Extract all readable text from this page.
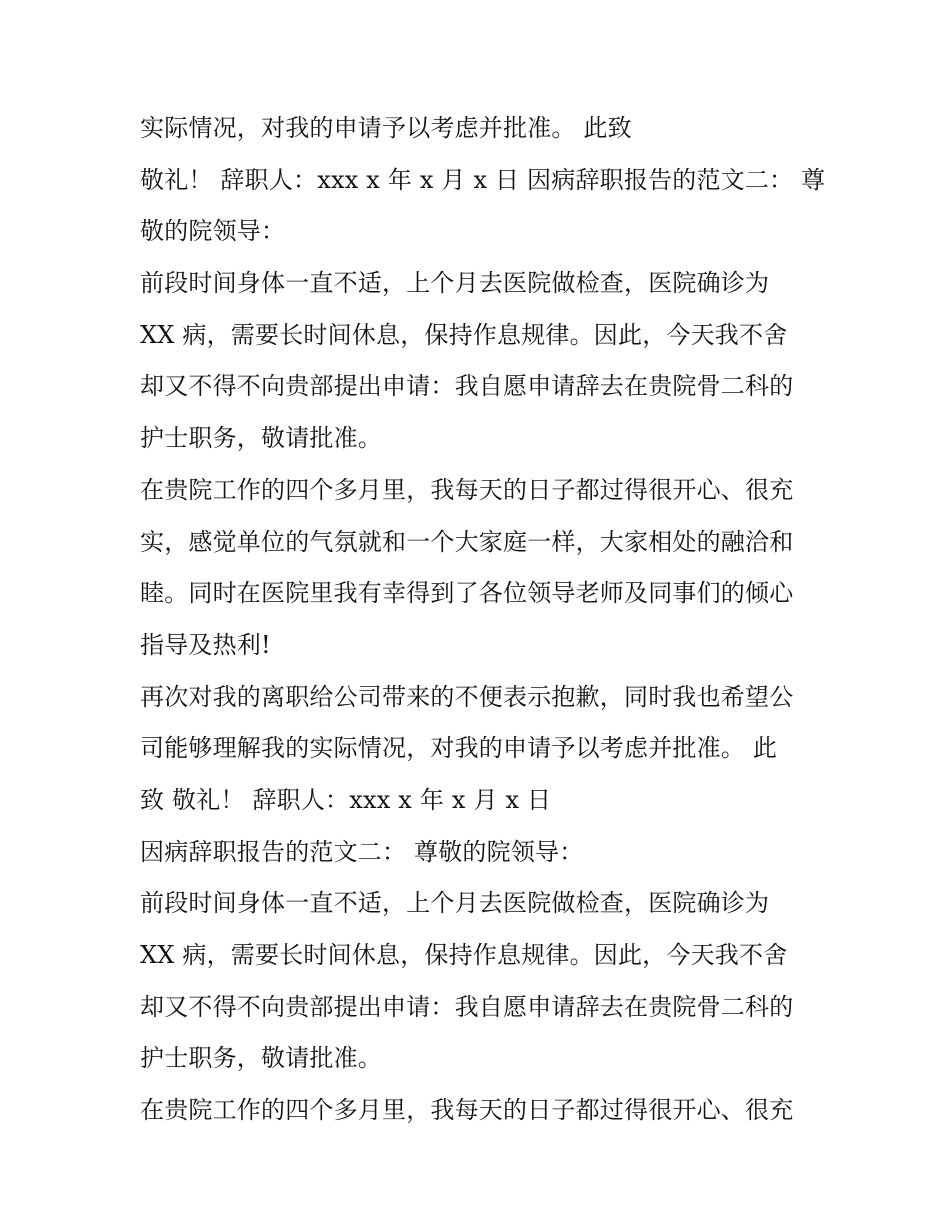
实际情况，对我的申请予以考虑并批准。 此致
敬礼！ 辞职人：xxx x 年 x 月 x 日 因病辞职报告的范文二： 尊
敬的院领导：
前段时间身体一直不适，上个月去医院做检查，医院确诊为
XX 病，需要长时间休息，保持作息规律。因此，今天我不舍
却又不得不向贵部提出申请：我自愿申请辞去在贵院骨二科的
护士职务，敬请批准。
在贵院工作的四个多月里，我每天的日子都过得很开心、很充
实，感觉单位的气氛就和一个大家庭一样，大家相处的融洽和
睦。同时在医院里我有幸得到了各位领导老师及同事们的倾心
指导及热利!
再次对我的离职给公司带来的不便表示抱歉，同时我也希望公
司能够理解我的实际情况，对我的申请予以考虑并批准。 此
致 敬礼！ 辞职人：xxx x 年 x 月 x 日
因病辞职报告的范文二： 尊敬的院领导：
前段时间身体一直不适，上个月去医院做检查，医院确诊为
XX 病，需要长时间休息，保持作息规律。因此，今天我不舍
却又不得不向贵部提出申请：我自愿申请辞去在贵院骨二科的
护士职务，敬请批准。
在贵院工作的四个多月里，我每天的日子都过得很开心、很充
